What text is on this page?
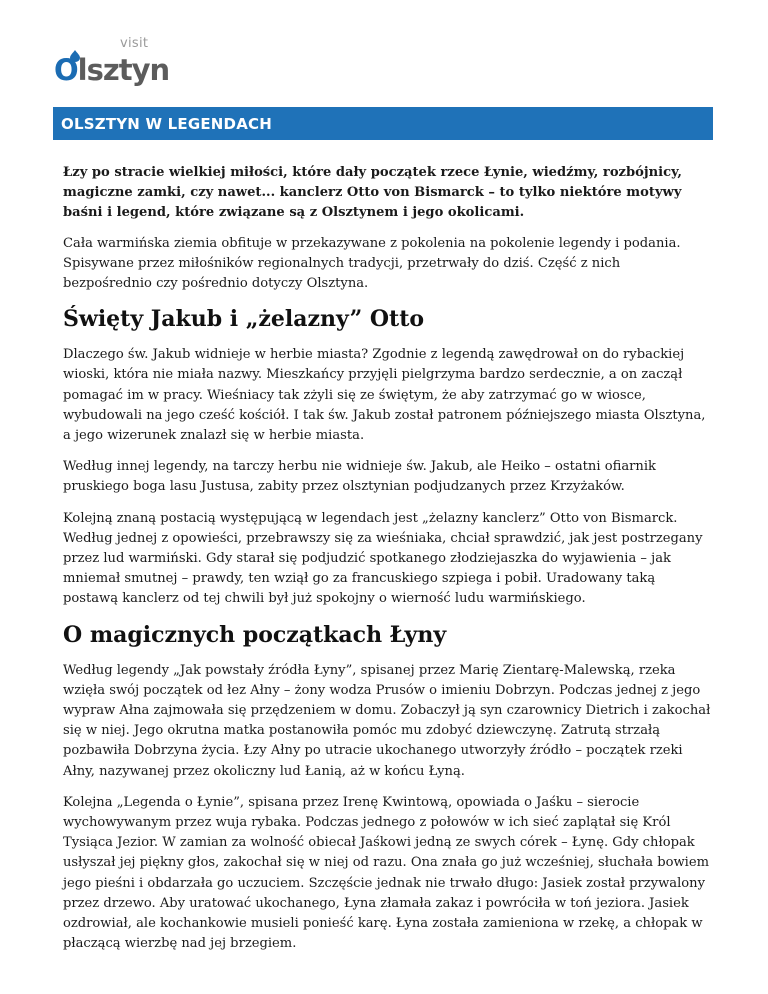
visit
Olsztyn
OLSZTYN W LEGENDACH

Łzy po stracie wielkiej miłości, które dały początek rzece Łynie, wiedźmy, rozbójnicy, magiczne zamki, czy nawet... kanclerz Otto von Bismarck – to tylko niektóre motywy baśni i legend, które związane są z Olsztynem i jego okolicami.

Cała warmińska ziemia obfituje w przekazywane z pokolenia na pokolenie legendy i podania. Spisywane przez miłośników regionalnych tradycji, przetrwały do dziś. Część z nich bezpośrednio czy pośrednio dotyczy Olsztyna.

Święty Jakub i „żelazny” Otto

Dlaczego św. Jakub widnieje w herbie miasta? Zgodnie z legendą zawędrował on do rybackiej wioski, która nie miała nazwy. Mieszkańcy przyjęli pielgrzyma bardzo serdecznie, a on zaczął pomagać im w pracy. Wieśniacy tak zżyli się ze świętym, że aby zatrzymać go w wiosce, wybudowali na jego cześć kościół. I tak św. Jakub został patronem późniejszego miasta Olsztyna, a jego wizerunek znalazł się w herbie miasta.

Według innej legendy, na tarczy herbu nie widnieje św. Jakub, ale Heiko – ostatni ofiarnik pruskiego boga lasu Justusa, zabity przez olsztynian podjudzanych przez Krzyżaków.

Kolejną znaną postacią występującą w legendach jest „żelazny kanclerz” Otto von Bismarck. Według jednej z opowieści, przebrawszy się za wieśniaka, chciał sprawdzić, jak jest postrzegany przez lud warmiński. Gdy starał się podjudzić spotkanego złodziejaszka do wyjawienia – jak mniemał smutnej – prawdy, ten wziął go za francuskiego szpiega i pobił. Uradowany taką postawą kanclerz od tej chwili był już spokojny o wierność ludu warmińskiego.

O magicznych początkach Łyny

Według legendy „Jak powstały źródła Łyny”, spisanej przez Marię Zientarę-Malewską, rzeka wzięła swój początek od łez Ałny – żony wodza Prusów o imieniu Dobrzyn. Podczas jednej z jego wypraw Ałna zajmowała się przędzeniem w domu. Zobaczył ją syn czarownicy Dietrich i zakochał się w niej. Jego okrutna matka postanowiła pomóc mu zdobyć dziewczynę. Zatrutą strzałą pozbawiła Dobrzyna życia. Łzy Ałny po utracie ukochanego utworzyły źródło – początek rzeki Ałny, nazywanej przez okoliczny lud Łanią, aż w końcu Łyną.

Kolejna „Legenda o Łynie”, spisana przez Irenę Kwintową, opowiada o Jaśku – sierocie wychowywanym przez wuja rybaka. Podczas jednego z połowów w ich sieć zaplątał się Król Tysiąca Jezior. W zamian za wolność obiecał Jaśkowi jedną ze swych córek – Łynę. Gdy chłopak usłyszał jej piękny głos, zakochał się w niej od razu. Ona znała go już wcześniej, słuchała bowiem jego pieśni i obdarzała go uczuciem. Szczęście jednak nie trwało długo: Jasiek został przywalony przez drzewo. Aby uratować ukochanego, Łyna złamała zakaz i powróciła w toń jeziora. Jasiek ozdrowiał, ale kochankowie musieli ponieść karę. Łyna została zamieniona w rzekę, a chłopak w płaczącą wierzbę nad jej brzegiem.
